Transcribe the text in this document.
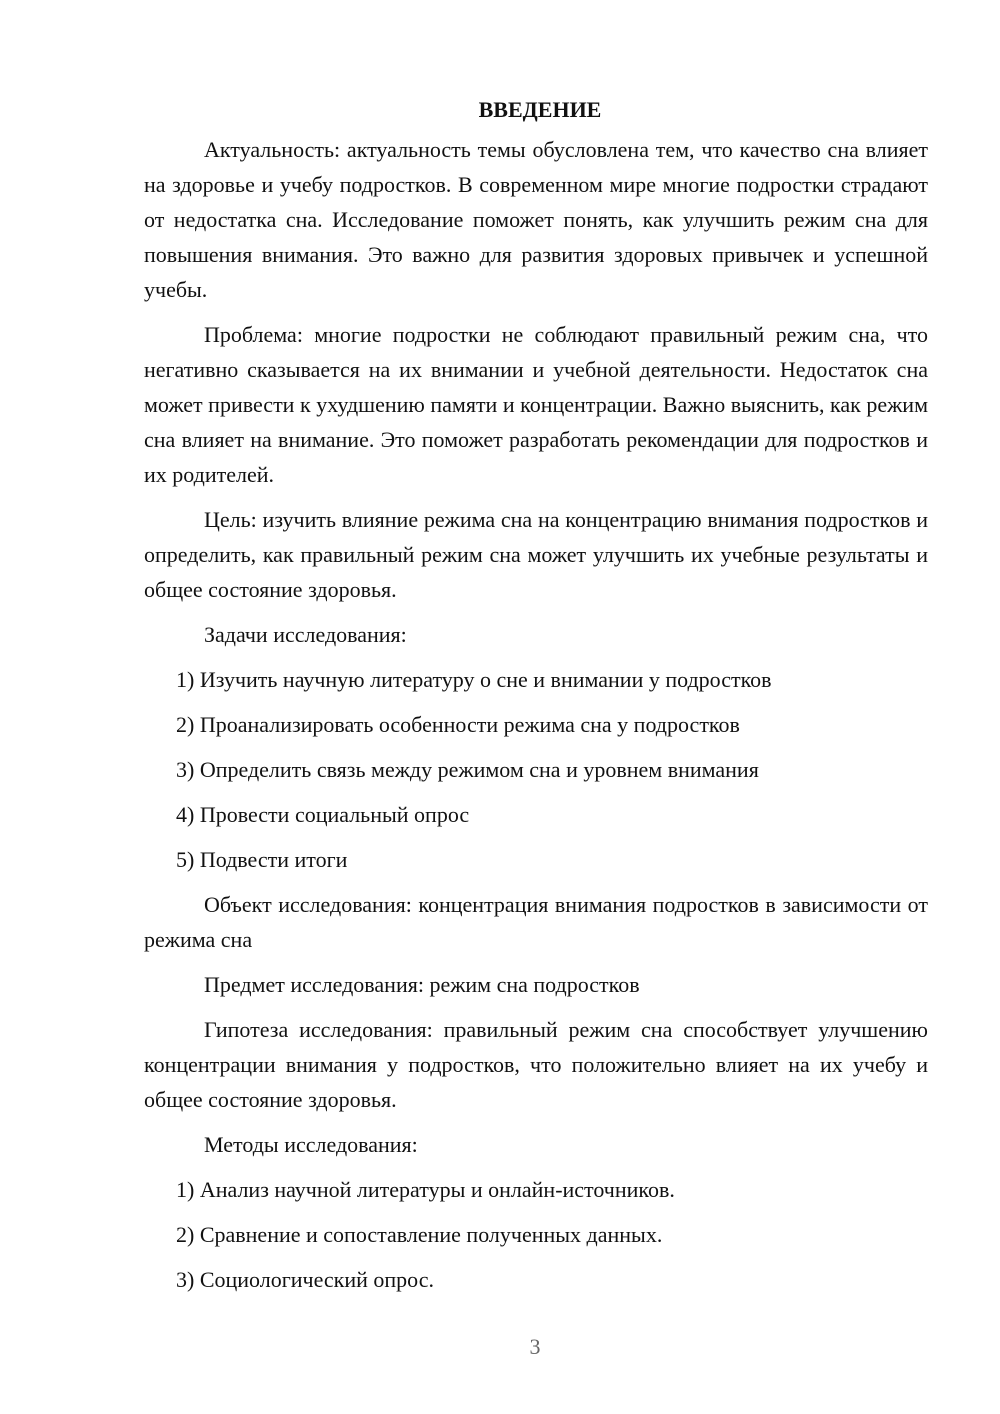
ВВЕДЕНИЕ

Актуальность: актуальность темы обусловлена тем, что качество сна влияет на здоровье и учебу подростков. В современном мире многие подростки страдают от недостатка сна. Исследование поможет понять, как улучшить режим сна для повышения внимания. Это важно для развития здоровых привычек и успешной учебы.

Проблема: многие подростки не соблюдают правильный режим сна, что негативно сказывается на их внимании и учебной деятельности. Недостаток сна может привести к ухудшению памяти и концентрации. Важно выяснить, как режим сна влияет на внимание. Это поможет разработать рекомендации для подростков и их родителей.

Цель: изучить влияние режима сна на концентрацию внимания подростков и определить, как правильный режим сна может улучшить их учебные результаты и общее состояние здоровья.

Задачи исследования:

1) Изучить научную литературу о сне и внимании у подростков

2) Проанализировать особенности режима сна у подростков

3) Определить связь между режимом сна и уровнем внимания

4) Провести социальный опрос

5) Подвести итоги

Объект исследования: концентрация внимания подростков в зависимости от режима сна

Предмет исследования: режим сна подростков

Гипотеза исследования: правильный режим сна способствует улучшению концентрации внимания у подростков, что положительно влияет на их учебу и общее состояние здоровья.

Методы исследования:

1) Анализ научной литературы и онлайн-источников.

2) Сравнение и сопоставление полученных данных.

3) Социологический опрос.

3
